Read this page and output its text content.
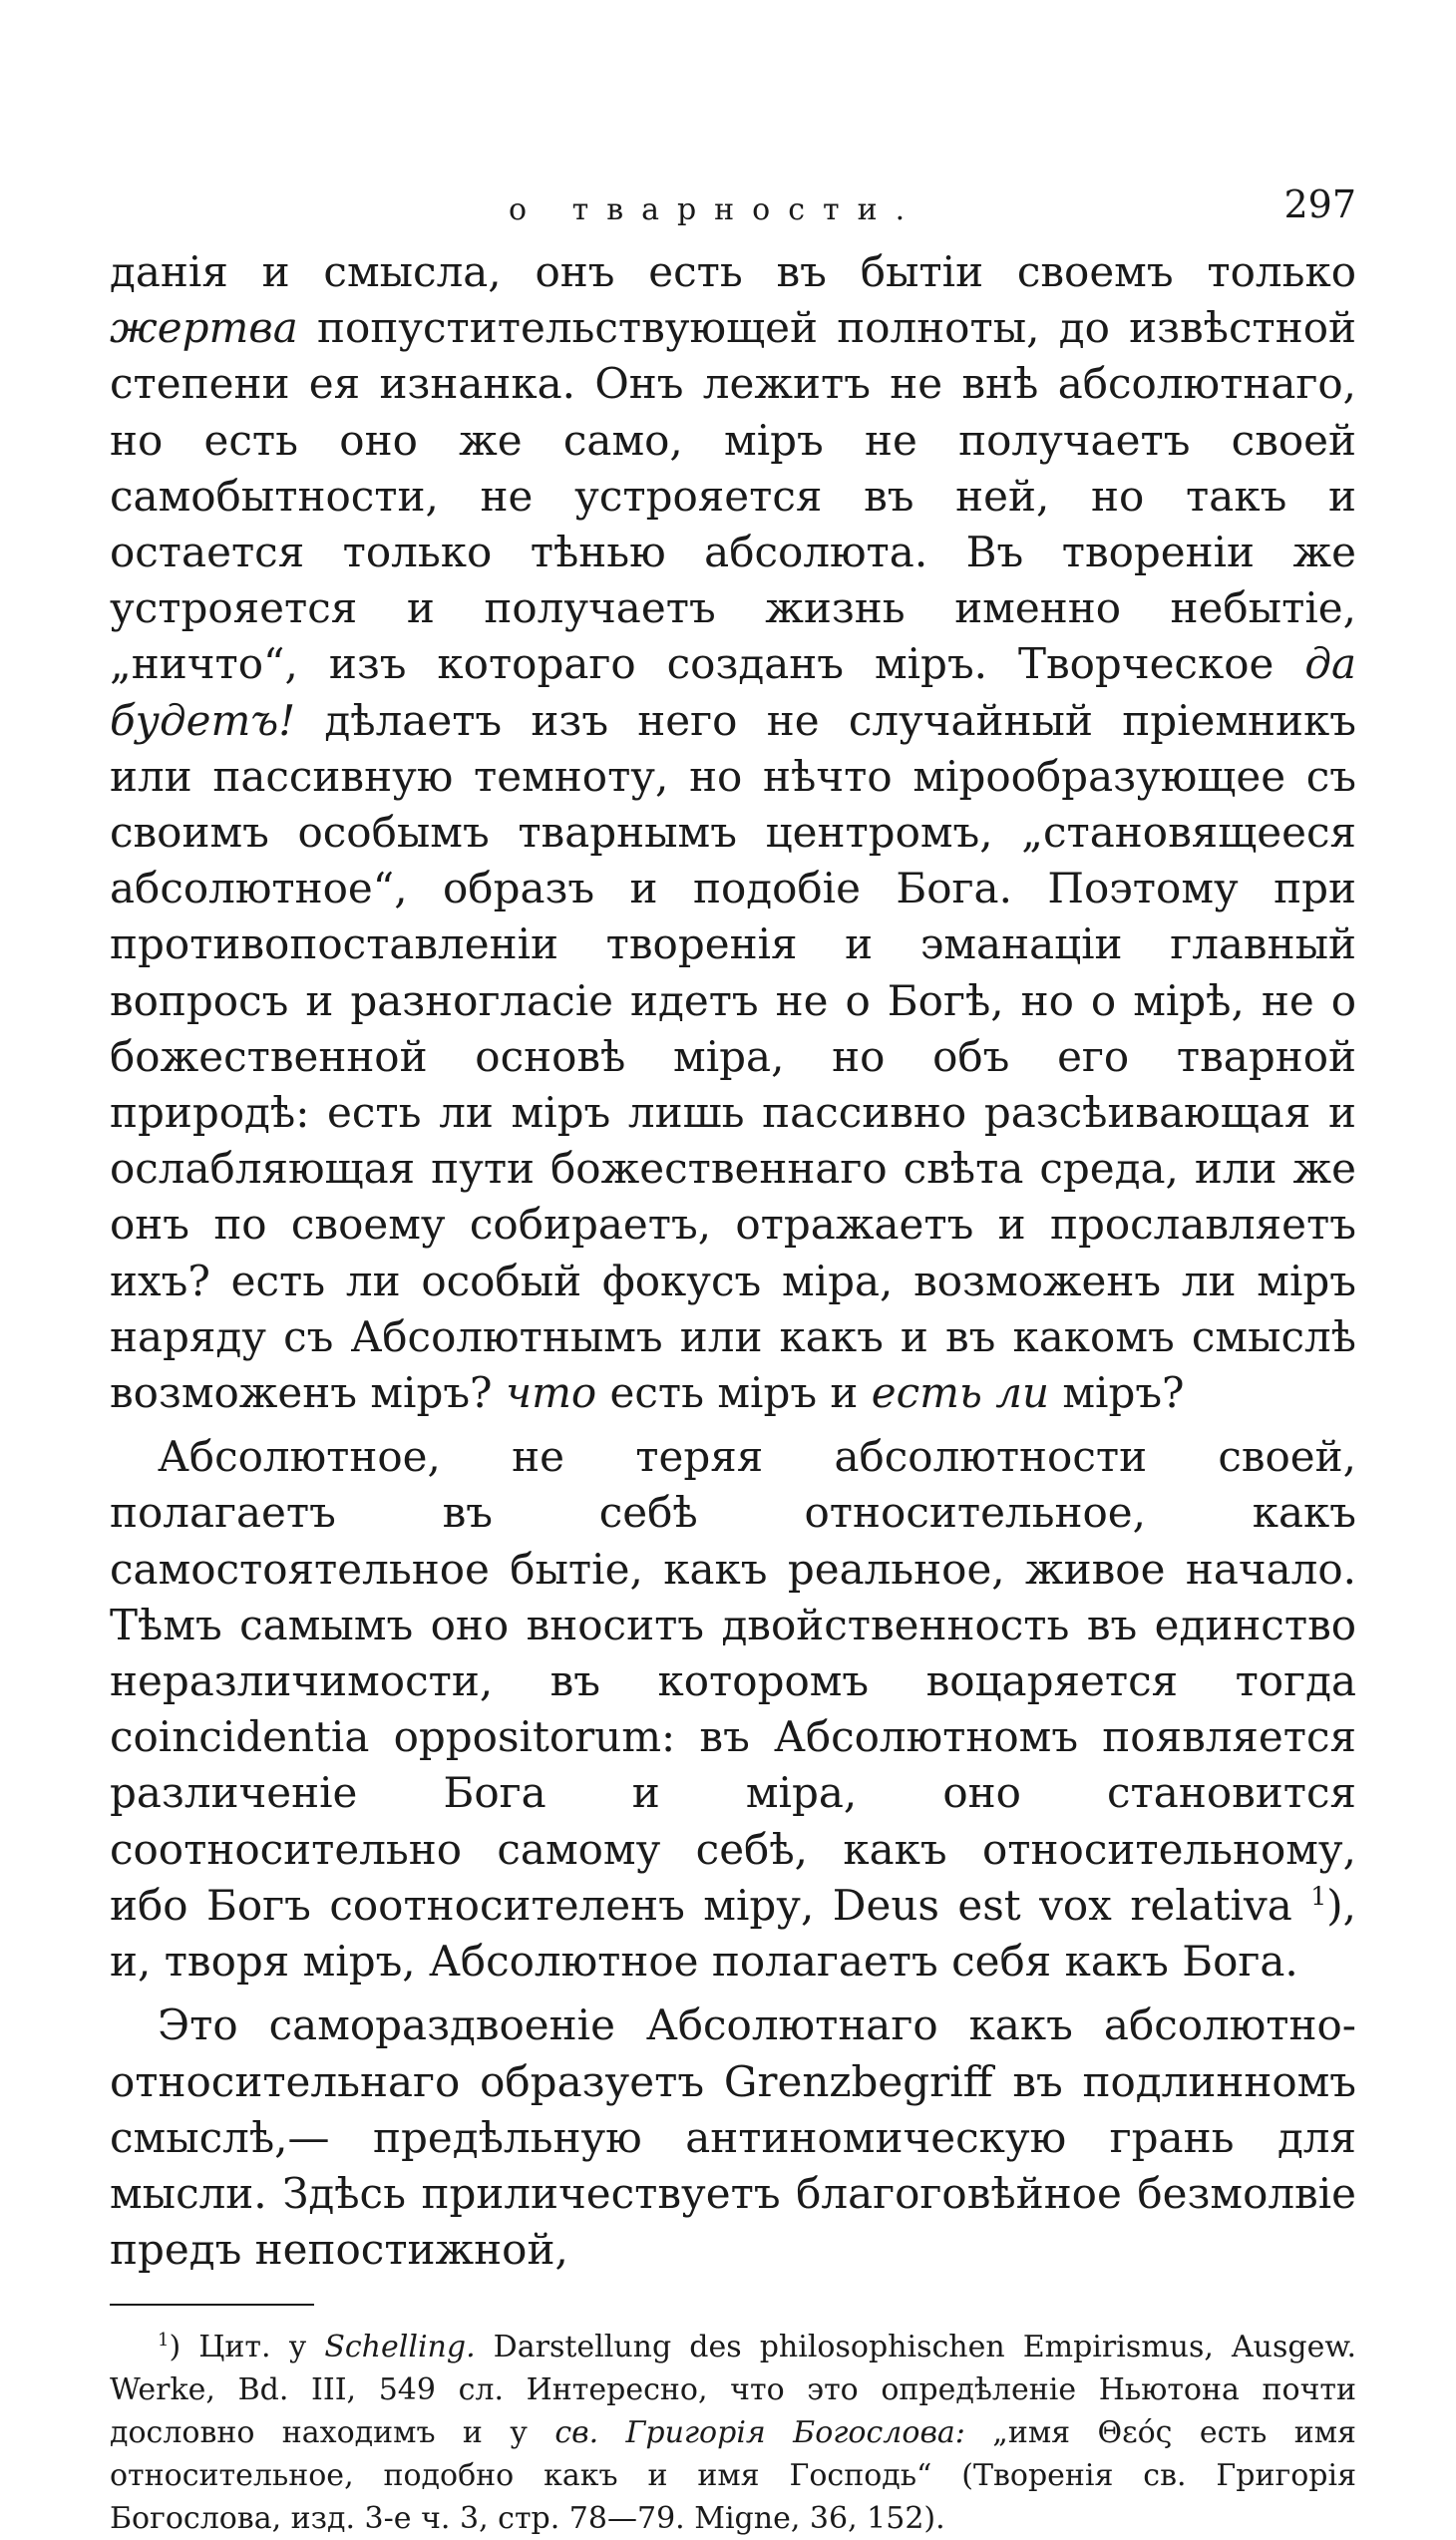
о тварности.	297

данія и смысла, онъ есть въ бытіи своемъ только жертва попустительствующей полноты, до извѣстной степени ея изнанка. Онъ лежитъ не внѣ абсолютнаго, но есть оно же само, міръ не получаетъ своей самобытности, не устрояется въ ней, но такъ и остается только тѣнью абсолюта. Въ твореніи же устрояется и получаетъ жизнь именно небытіе, „ничто“, изъ котораго созданъ міръ. Творческое да будетъ! дѣлаетъ изъ него не случайный пріемникъ или пассивную темноту, но нѣчто мірообразующее съ своимъ особымъ тварнымъ центромъ, „становящееся абсолютное“, образъ и подобіе Бога. Поэтому при противопоставленіи творенія и эманаціи главный вопросъ и разногласіе идетъ не о Богѣ, но о мірѣ, не о божественной основѣ міра, но объ его тварной природѣ: есть ли міръ лишь пассивно разсѣивающая и ослабляющая пути божественнаго свѣта среда, или же онъ по своему собираетъ, отражаетъ и прославляетъ ихъ? есть ли особый фокусъ міра, возможенъ ли міръ наряду съ Абсолютнымъ или какъ и въ какомъ смыслѣ возможенъ міръ? что есть міръ и есть ли міръ?

Абсолютное, не теряя абсолютности своей, полагаетъ въ себѣ относительное, какъ самостоятельное бытіе, какъ реальное, живое начало. Тѣмъ самымъ оно вноситъ двойственность въ единство неразличимости, въ которомъ воцаряется тогда coincidentia oppositorum: въ Абсолютномъ появляется различеніе Бога и міра, оно становится соотносительно самому себѣ, какъ относительному, ибо Богъ соотносителенъ міру, Deus est vox relativa $^1$), и, творя міръ, Абсолютное полагаетъ себя какъ Бога.

Это самораздвоеніе Абсолютнаго какъ абсолютно-относительнаго образуетъ Grenzbegriff въ подлинномъ смыслѣ,— предѣльную антиномическую грань для мысли. Здѣсь приличествуетъ благоговѣйное безмолвіе предъ непостижной,

$^1$) Цит. у Schelling. Darstellung des philosophischen Empirismus, Ausgew. Werke, Bd. III, 549 сл. Интересно, что это опредѣленіе Ньютона почти дословно находимъ и у св. Григорія Богослова: „имя Θεός есть имя относительное, подобно какъ и имя Господь“ (Творенія св. Григорія Богослова, изд. 3-е ч. 3, стр. 78—79. Migne, 36, 152).
